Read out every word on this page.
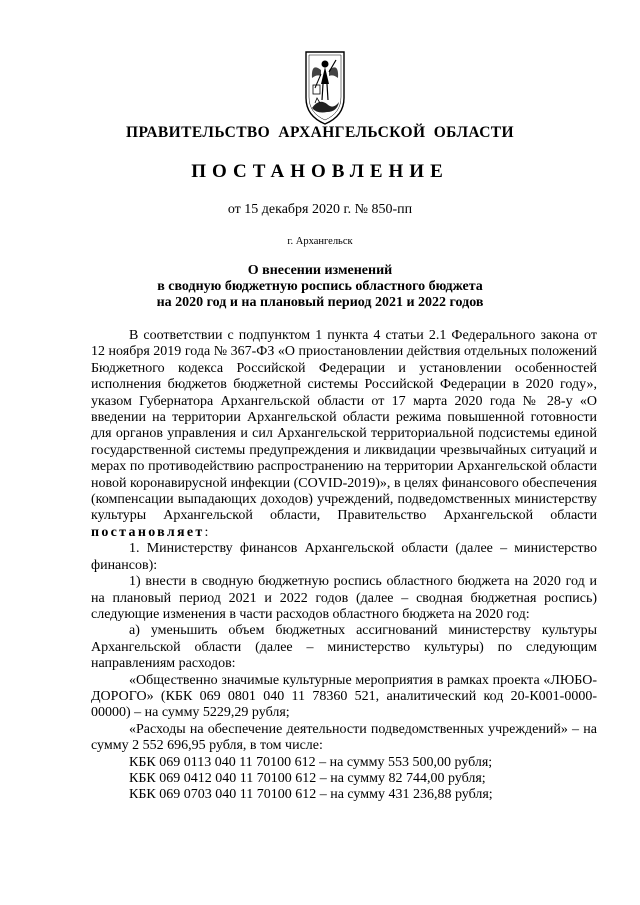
ПРАВИТЕЛЬСТВО АРХАНГЕЛЬСКОЙ ОБЛАСТИ
ПОСТАНОВЛЕНИЕ
от 15 декабря 2020 г. № 850-пп
г. Архангельск
О внесении изменений
в сводную бюджетную роспись областного бюджета
на 2020 год и на плановый период 2021 и 2022 годов

В соответствии с подпунктом 1 пункта 4 статьи 2.1 Федерального закона от 12 ноября 2019 года № 367-ФЗ «О приостановлении действия отдельных положений Бюджетного кодекса Российской Федерации и установлении особенностей исполнения бюджетов бюджетной системы Российской Федерации в 2020 году», указом Губернатора Архангельской области от 17 марта 2020 года № 28-у «О введении на территории Архангельской области режима повышенной готовности для органов управления и сил Архангельской территориальной подсистемы единой государственной системы предупреждения и ликвидации чрезвычайных ситуаций и мерах по противодействию распространению на территории Архангельской области новой коронавирусной инфекции (COVID-2019)», в целях финансового обеспечения (компенсации выпадающих доходов) учреждений, подведомственных министерству культуры Архангельской области, Правительство Архангельской области постановляет:

1. Министерству финансов Архангельской области (далее – министерство финансов):

1) внести в сводную бюджетную роспись областного бюджета на 2020 год и на плановый период 2021 и 2022 годов (далее – сводная бюджетная роспись) следующие изменения в части расходов областного бюджета на 2020 год:

а) уменьшить объем бюджетных ассигнований министерству культуры Архангельской области (далее – министерство культуры) по следующим направлениям расходов:

«Общественно значимые культурные мероприятия в рамках проекта «ЛЮБО-ДОРОГО» (КБК 069 0801 040 11 78360 521, аналитический код 20-К001-0000-00000) – на сумму 5229,29 рубля;

«Расходы на обеспечение деятельности подведомственных учреждений» – на сумму 2 552 696,95 рубля, в том числе:

КБК 069 0113 040 11 70100 612 – на сумму 553 500,00 рубля;

КБК 069 0412 040 11 70100 612 – на сумму 82 744,00 рубля;

КБК 069 0703 040 11 70100 612 – на сумму 431 236,88 рубля;
